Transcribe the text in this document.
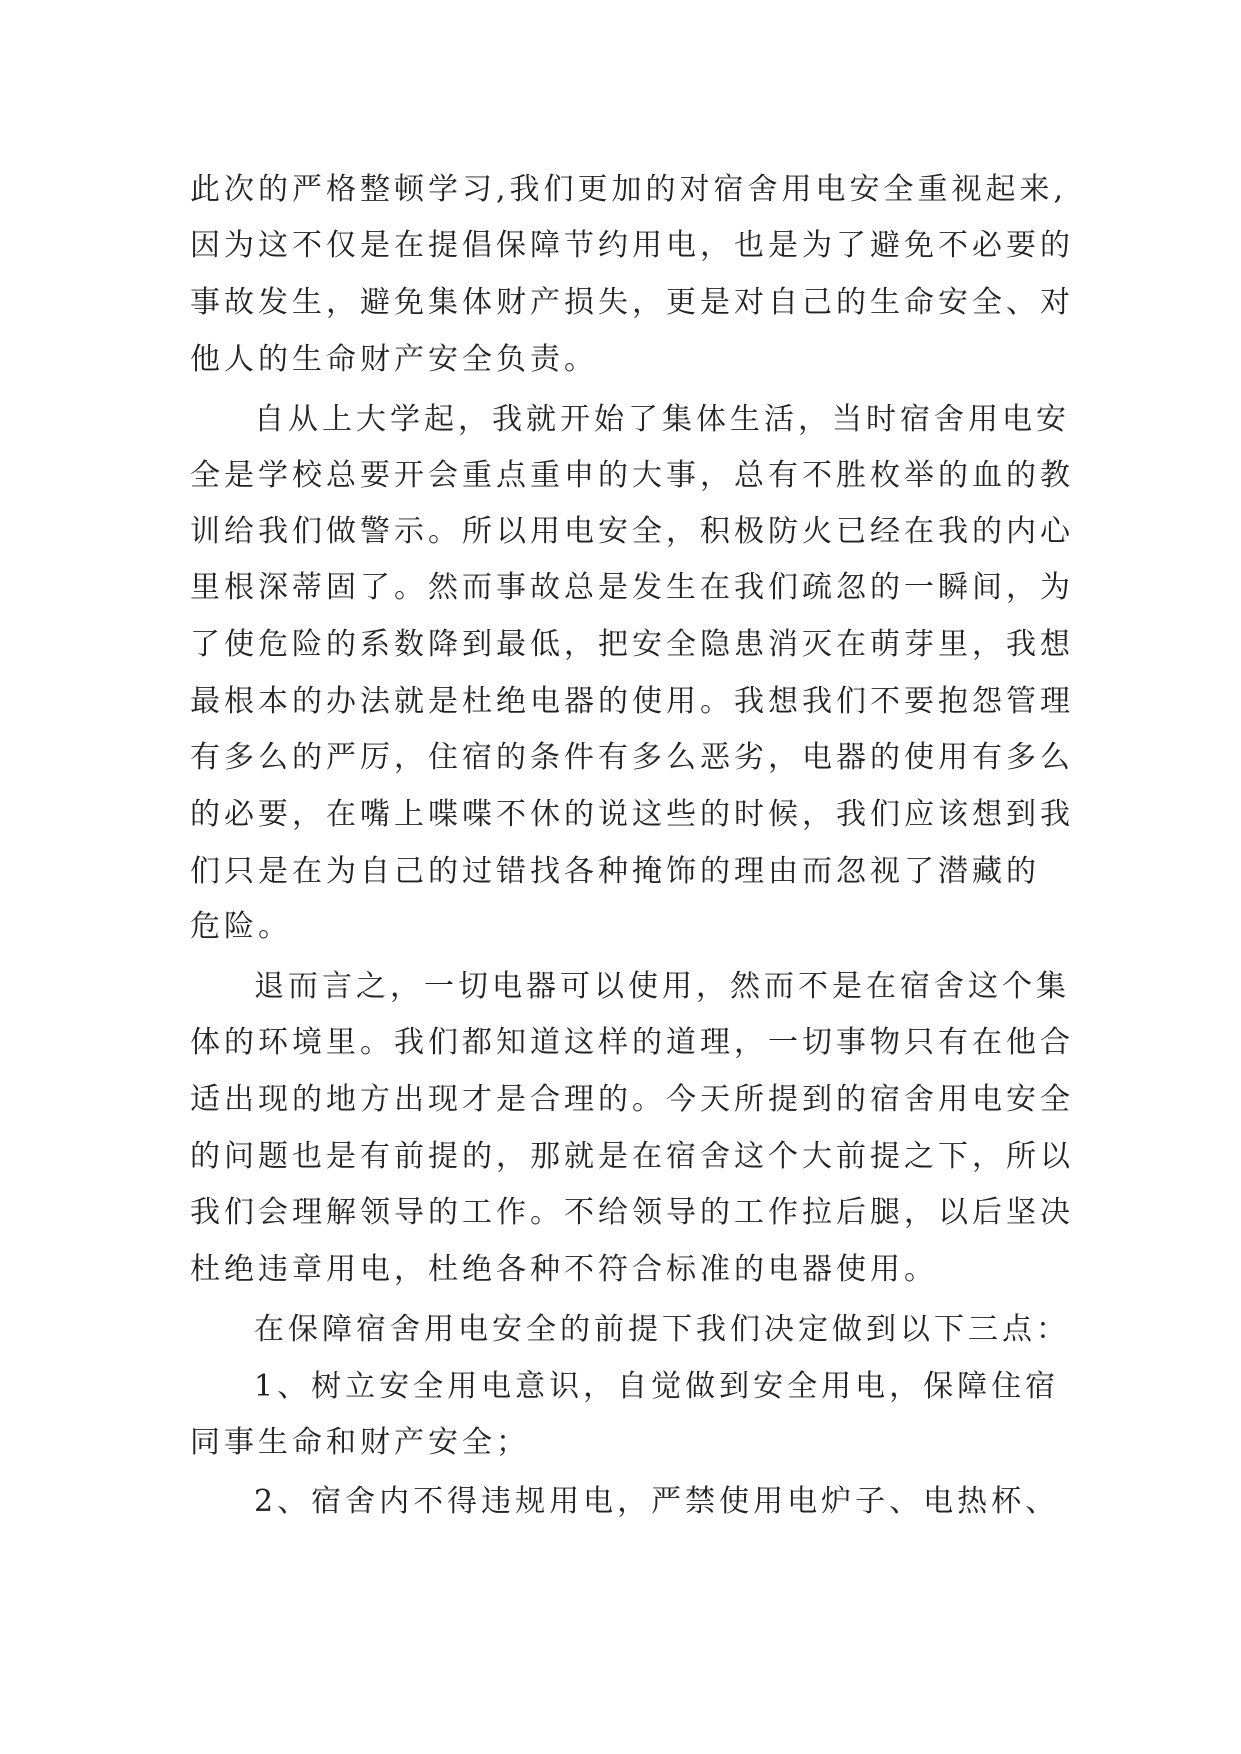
此次的严格整顿学习,我们更加的对宿舍用电安全重视起来,
因为这不仅是在提倡保障节约用电，也是为了避免不必要的
事故发生，避免集体财产损失，更是对自己的生命安全、对
他人的生命财产安全负责。
自从上大学起，我就开始了集体生活，当时宿舍用电安
全是学校总要开会重点重申的大事，总有不胜枚举的血的教
训给我们做警示。所以用电安全，积极防火已经在我的内心
里根深蒂固了。然而事故总是发生在我们疏忽的一瞬间，为
了使危险的系数降到最低，把安全隐患消灭在萌芽里，我想
最根本的办法就是杜绝电器的使用。我想我们不要抱怨管理
有多么的严厉，住宿的条件有多么恶劣，电器的使用有多么
的必要，在嘴上喋喋不休的说这些的时候，我们应该想到我
们只是在为自己的过错找各种掩饰的理由而忽视了潜藏的
危险。
退而言之，一切电器可以使用，然而不是在宿舍这个集
体的环境里。我们都知道这样的道理，一切事物只有在他合
适出现的地方出现才是合理的。今天所提到的宿舍用电安全
的问题也是有前提的，那就是在宿舍这个大前提之下，所以
我们会理解领导的工作。不给领导的工作拉后腿，以后坚决
杜绝违章用电，杜绝各种不符合标准的电器使用。
在保障宿舍用电安全的前提下我们决定做到以下三点：
1、树立安全用电意识，自觉做到安全用电，保障住宿
同事生命和财产安全；
2、宿舍内不得违规用电，严禁使用电炉子、电热杯、
